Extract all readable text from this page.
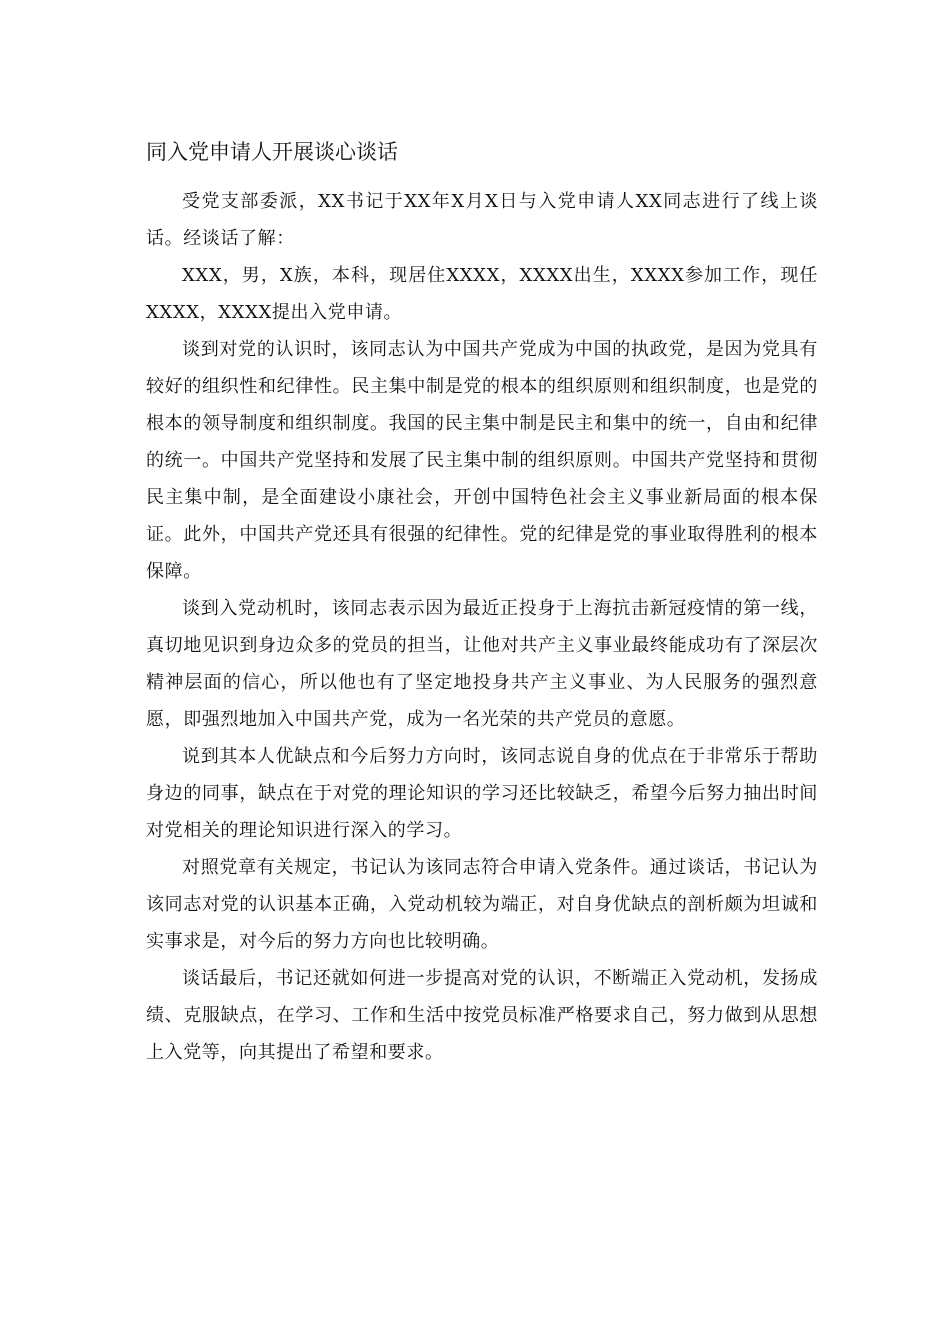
同入党申请人开展谈心谈话

受党支部委派，XX书记于XX年X月X日与入党申请人XX同志进行了线上谈话。经谈话了解：

XXX，男，X族，本科，现居住XXXX，XXXX出生，XXXX参加工作，现任XXXX，XXXX提出入党申请。

谈到对党的认识时，该同志认为中国共产党成为中国的执政党，是因为党具有较好的组织性和纪律性。民主集中制是党的根本的组织原则和组织制度，也是党的根本的领导制度和组织制度。我国的民主集中制是民主和集中的统一，自由和纪律的统一。中国共产党坚持和发展了民主集中制的组织原则。中国共产党坚持和贯彻民主集中制，是全面建设小康社会，开创中国特色社会主义事业新局面的根本保证。此外，中国共产党还具有很强的纪律性。党的纪律是党的事业取得胜利的根本保障。

谈到入党动机时，该同志表示因为最近正投身于上海抗击新冠疫情的第一线，真切地见识到身边众多的党员的担当，让他对共产主义事业最终能成功有了深层次精神层面的信心，所以他也有了坚定地投身共产主义事业、为人民服务的强烈意愿，即强烈地加入中国共产党，成为一名光荣的共产党员的意愿。

说到其本人优缺点和今后努力方向时，该同志说自身的优点在于非常乐于帮助身边的同事，缺点在于对党的理论知识的学习还比较缺乏，希望今后努力抽出时间对党相关的理论知识进行深入的学习。

对照党章有关规定，书记认为该同志符合申请入党条件。通过谈话，书记认为该同志对党的认识基本正确，入党动机较为端正，对自身优缺点的剖析颇为坦诚和实事求是，对今后的努力方向也比较明确。

谈话最后，书记还就如何进一步提高对党的认识，不断端正入党动机，发扬成绩、克服缺点，在学习、工作和生活中按党员标准严格要求自己，努力做到从思想上入党等，向其提出了希望和要求。
